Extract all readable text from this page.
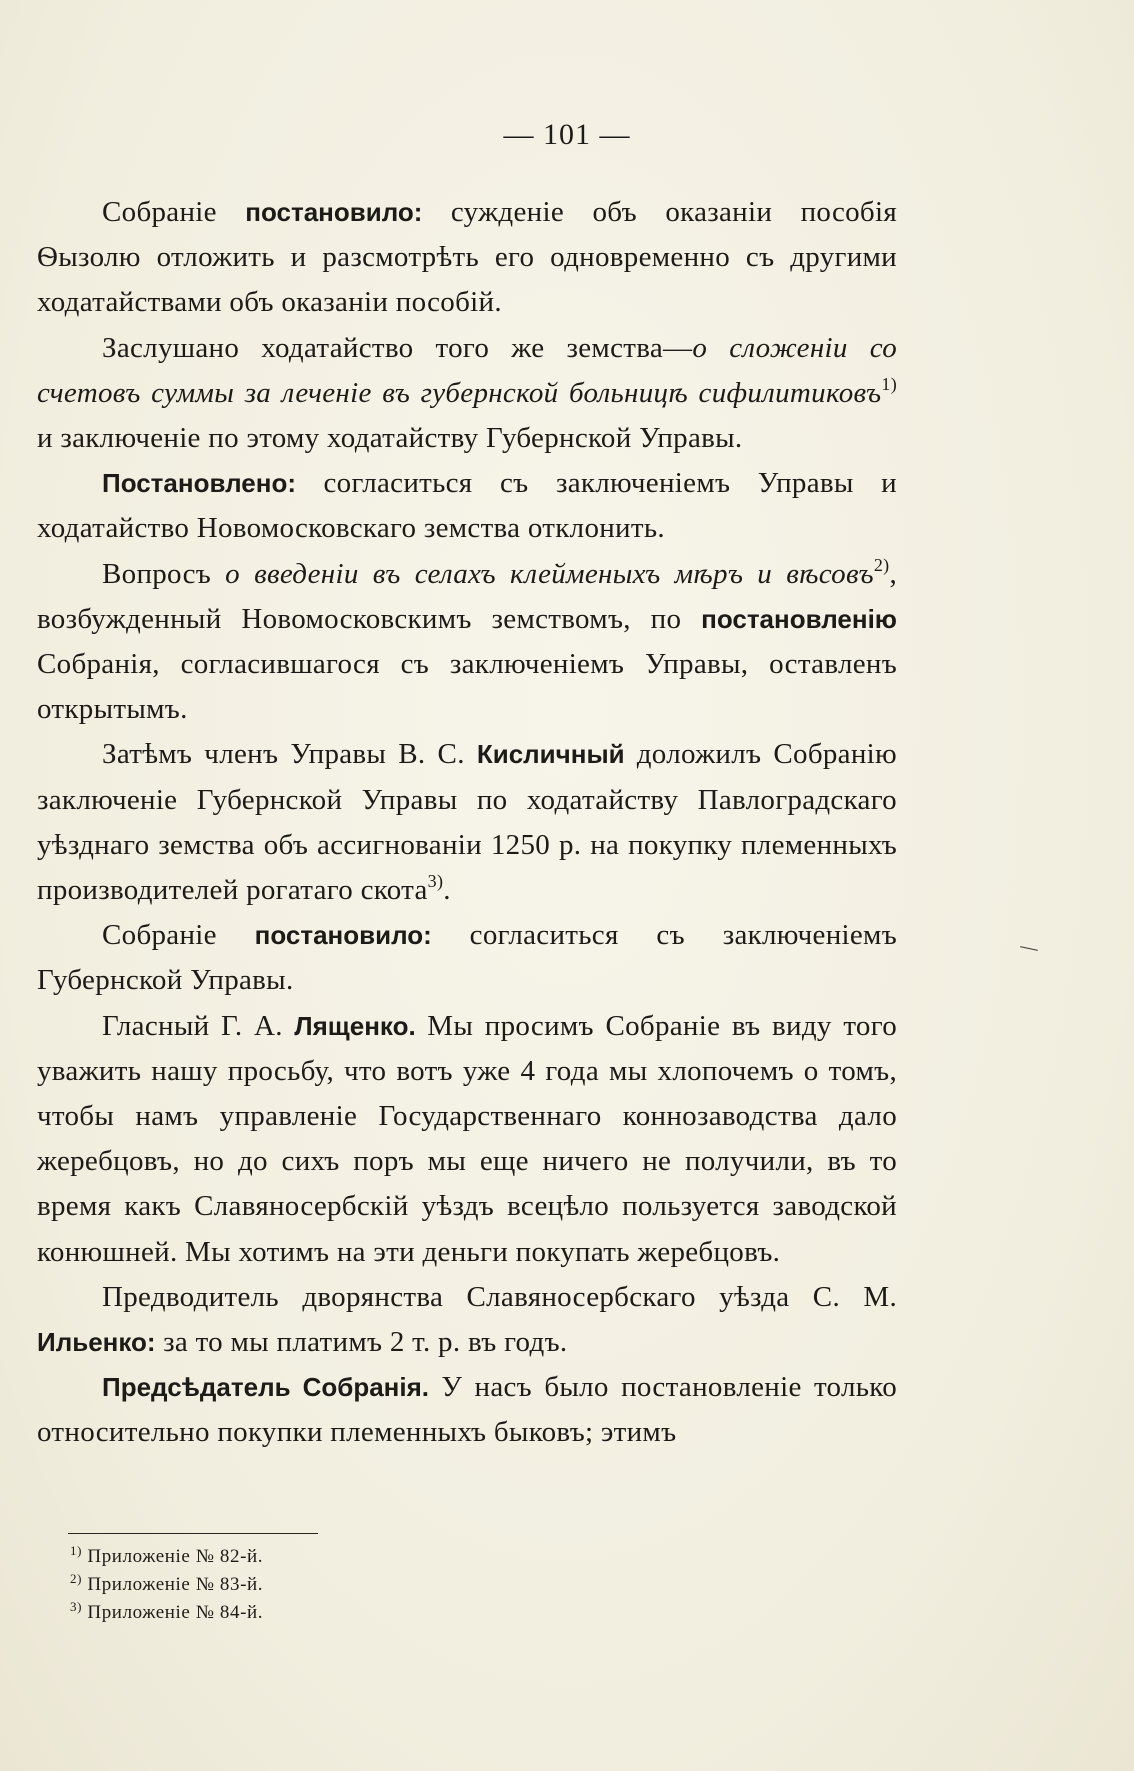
— 101 —

Собраніе постановило: сужденіе объ оказаніи пособія Ѳызолю отложить и разсмотрѣть его одновременно съ другими ходатайствами объ оказаніи пособій.

Заслушано ходатайство того же земства—о сложеніи со счетовъ суммы за леченіе въ губернской больницѣ сифилитиковъ$^{1)}$ и заключеніе по этому ходатайству Губернской Управы.

Постановлено: согласиться съ заключеніемъ Управы и ходатайство Новомосковскаго земства отклонить.

Вопросъ о введеніи въ селахъ клейменыхъ мѣръ и вѣсовъ$^{2)}$, возбужденный Новомосковскимъ земствомъ, по постановленію Собранія, согласившагося съ заключеніемъ Управы, оставленъ открытымъ.

Затѣмъ членъ Управы В. С. Кисличный доложилъ Собранію заключеніе Губернской Управы по ходатайству Павлоградскаго уѣзднаго земства объ ассигнованіи 1250 р. на покупку племенныхъ производителей рогатаго скота$^{3)}$.

Собраніе постановило: согласиться съ заключеніемъ Губернской Управы.

Гласный Г. А. Лященко. Мы просимъ Собраніе въ виду того уважить нашу просьбу, что вотъ уже 4 года мы хлопочемъ о томъ, чтобы намъ управленіе Государственнаго коннозаводства дало жеребцовъ, но до сихъ поръ мы еще ничего не получили, въ то время какъ Славяносербскій уѣздъ всецѣло пользуется заводской конюшней. Мы хотимъ на эти деньги покупать жеребцовъ.

Предводитель дворянства Славяносербскаго уѣзда С. М. Ильенко: за то мы платимъ 2 т. р. въ годъ.

Предсѣдатель Собранія. У насъ было постановленіе только относительно покупки племенныхъ быковъ; этимъ

$^{1)}$ Приложеніе № 82-й.

$^{2)}$ Приложеніе № 83-й.

$^{3)}$ Приложеніе № 84-й.
